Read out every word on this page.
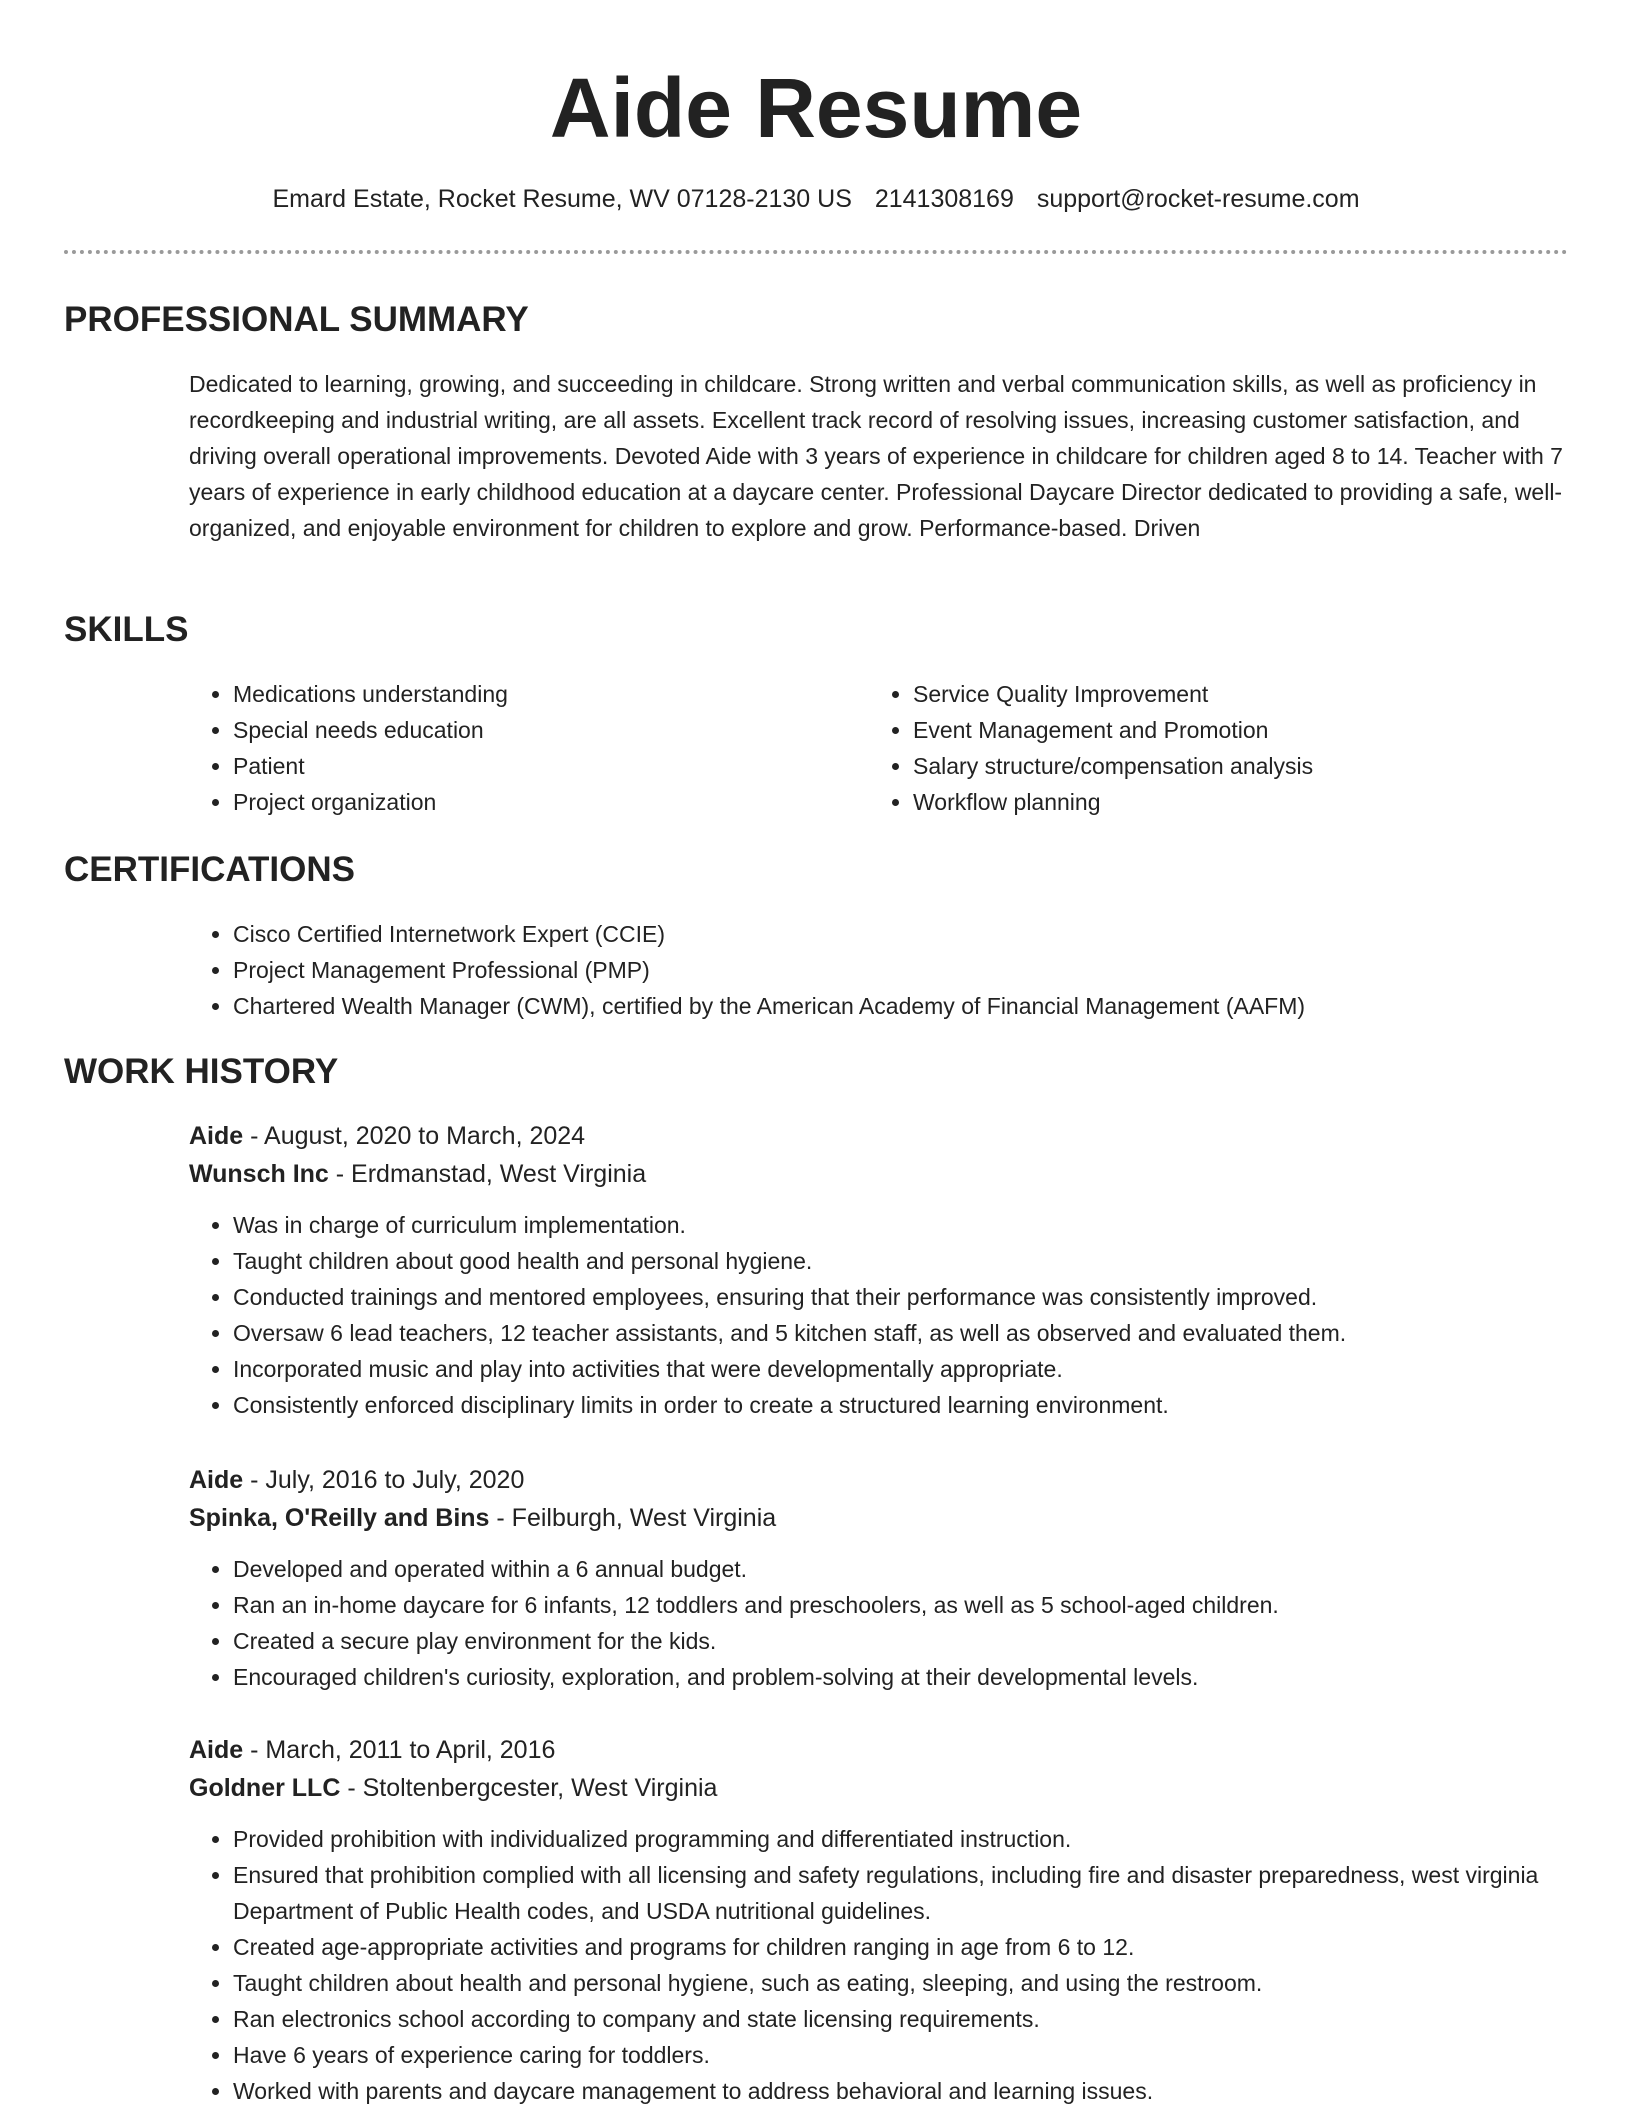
Aide Resume
Emard Estate, Rocket Resume, WV 07128-2130 US 2141308169 support@rocket-resume.com
PROFESSIONAL SUMMARY

Dedicated to learning, growing, and succeeding in childcare. Strong written and verbal communication skills, as well as proficiency in recordkeeping and industrial writing, are all assets. Excellent track record of resolving issues, increasing customer satisfaction, and driving overall operational improvements. Devoted Aide with 3 years of experience in childcare for children aged 8 to 14. Teacher with 7 years of experience in early childhood education at a daycare center. Professional Daycare Director dedicated to providing a safe, well-organized, and enjoyable environment for children to explore and grow. Performance-based. Driven

SKILLS
• Medications understanding
• Special needs education
• Patient
• Project organization
• Service Quality Improvement
• Event Management and Promotion
• Salary structure/compensation analysis
• Workflow planning
CERTIFICATIONS
• Cisco Certified Internetwork Expert (CCIE)
• Project Management Professional (PMP)
• Chartered Wealth Manager (CWM), certified by the American Academy of Financial Management (AAFM)
WORK HISTORY
Aide - August, 2020 to March, 2024
Wunsch Inc - Erdmanstad, West Virginia
• Was in charge of curriculum implementation.
• Taught children about good health and personal hygiene.
• Conducted trainings and mentored employees, ensuring that their performance was consistently improved.
• Oversaw 6 lead teachers, 12 teacher assistants, and 5 kitchen staff, as well as observed and evaluated them.
• Incorporated music and play into activities that were developmentally appropriate.
• Consistently enforced disciplinary limits in order to create a structured learning environment.
Aide - July, 2016 to July, 2020
Spinka, O'Reilly and Bins - Feilburgh, West Virginia
• Developed and operated within a 6 annual budget.
• Ran an in-home daycare for 6 infants, 12 toddlers and preschoolers, as well as 5 school-aged children.
• Created a secure play environment for the kids.
• Encouraged children's curiosity, exploration, and problem-solving at their developmental levels.
Aide - March, 2011 to April, 2016
Goldner LLC - Stoltenbergcester, West Virginia
• Provided prohibition with individualized programming and differentiated instruction.
• Ensured that prohibition complied with all licensing and safety regulations, including fire and disaster preparedness, west virginia Department of Public Health codes, and USDA nutritional guidelines.
• Created age-appropriate activities and programs for children ranging in age from 6 to 12.
• Taught children about health and personal hygiene, such as eating, sleeping, and using the restroom.
• Ran electronics school according to company and state licensing requirements.
• Have 6 years of experience caring for toddlers.
• Worked with parents and daycare management to address behavioral and learning issues.
